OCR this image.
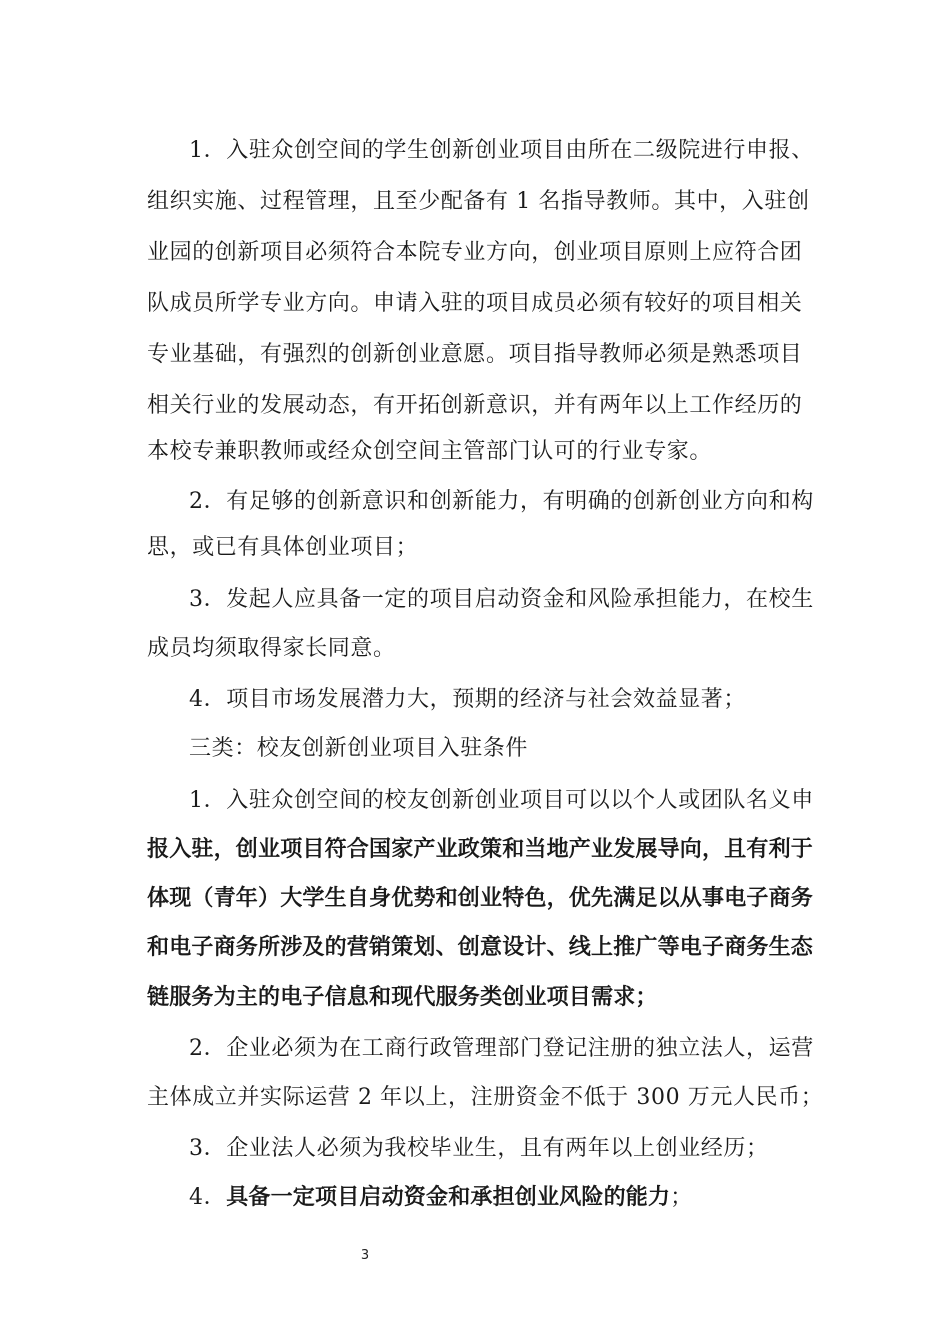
1．入驻众创空间的学生创新创业项目由所在二级院进行申报、
组织实施、过程管理，且至少配备有 1 名指导教师。其中，入驻创
业园的创新项目必须符合本院专业方向，创业项目原则上应符合团
队成员所学专业方向。申请入驻的项目成员必须有较好的项目相关
专业基础，有强烈的创新创业意愿。项目指导教师必须是熟悉项目
相关行业的发展动态，有开拓创新意识，并有两年以上工作经历的
本校专兼职教师或经众创空间主管部门认可的行业专家。
2．有足够的创新意识和创新能力，有明确的创新创业方向和构
思，或已有具体创业项目；
3．发起人应具备一定的项目启动资金和风险承担能力，在校生
成员均须取得家长同意。
4．项目市场发展潜力大，预期的经济与社会效益显著；
三类：校友创新创业项目入驻条件
1．入驻众创空间的校友创新创业项目可以以个人或团队名义申
报入驻，创业项目符合国家产业政策和当地产业发展导向，且有利于
体现（青年）大学生自身优势和创业特色，优先满足以从事电子商务
和电子商务所涉及的营销策划、创意设计、线上推广等电子商务生态
链服务为主的电子信息和现代服务类创业项目需求；
2．企业必须为在工商行政管理部门登记注册的独立法人，运营
主体成立并实际运营 2 年以上，注册资金不低于 300 万元人民币；
3．企业法人必须为我校毕业生，且有两年以上创业经历；
4．具备一定项目启动资金和承担创业风险的能力；
3
